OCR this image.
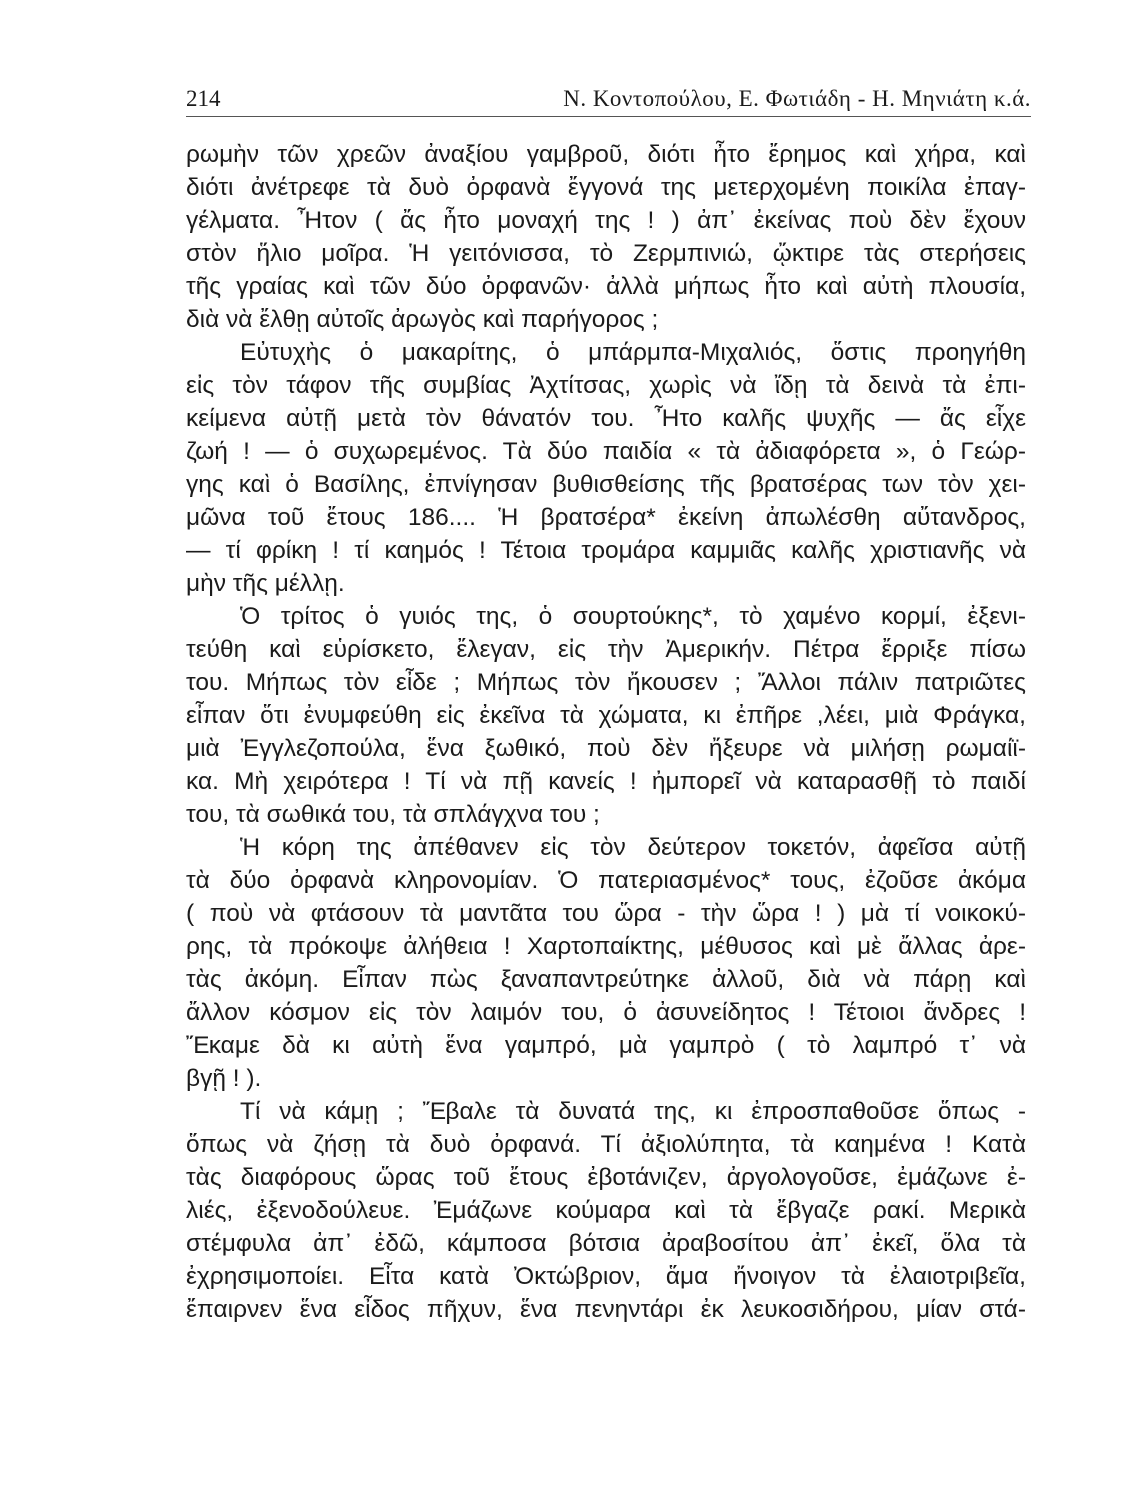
214	Ν. Κοντοπούλου, Ε. Φωτιάδη - Η. Μηνιάτη κ.ά.
ρωμὴν τῶν χρεῶν ἀναξίου γαμβροῦ, διότι ἦτο ἔρημος καὶ χήρα, καὶ
διότι ἀνέτρεφε τὰ δυὸ ὀρφανὰ ἔγγονά της μετερχομένη ποικίλα ἐπαγ-
γέλματα. Ἦτον ( ἄς ἦτο μοναχή της ! ) ἀπ᾽ ἐκείνας ποὺ δὲν ἔχουν
στὸν ἥλιο μοῖρα. Ἡ γειτόνισσα, τὸ Ζερμπινιώ, ᾤκτιρε τὰς στερήσεις
τῆς γραίας καὶ τῶν δύο ὀρφανῶν· ἀλλὰ μήπως ἦτο καὶ αὐτὴ πλουσία,
διὰ νὰ ἔλθῃ αὐτοῖς ἀρωγὸς καὶ παρήγορος ;
Εὐτυχὴς ὁ μακαρίτης, ὁ μπάρμπα-Μιχαλιός, ὅστις προηγήθη
εἰς τὸν τάφον τῆς συμβίας Ἀχτίτσας, χωρὶς νὰ ἴδῃ τὰ δεινὰ τὰ ἐπι-
κείμενα αὐτῇ μετὰ τὸν θάνατόν του. Ἦτο καλῆς ψυχῆς — ἄς εἶχε
ζωή ! — ὁ συχωρεμένος. Τὰ δύο παιδία « τὰ ἀδιαφόρετα », ὁ Γεώρ-
γης καὶ ὁ Βασίλης, ἐπνίγησαν βυθισθείσης τῆς βρατσέρας των τὸν χει-
μῶνα τοῦ ἔτους 186.... Ἡ βρατσέρα* ἐκείνη ἀπωλέσθη αὔτανδρος,
— τί φρίκη ! τί καημός ! Τέτοια τρομάρα καμμιᾶς καλῆς χριστιανῆς νὰ
μὴν τῆς μέλλῃ.
Ὁ τρίτος ὁ γυιός της, ὁ σουρτούκης*, τὸ χαμένο κορμί, ἐξενι-
τεύθη καὶ εὑρίσκετο, ἔλεγαν, εἰς τὴν Ἀμερικήν. Πέτρα ἔρριξε πίσω
του. Μήπως τὸν εἶδε ; Μήπως τὸν ἤκουσεν ; Ἄλλοι πάλιν πατριῶτες
εἶπαν ὅτι ἐνυμφεύθη εἰς ἐκεῖνα τὰ χώματα, κι ἐπῆρε ,λέει, μιὰ Φράγκα,
μιὰ Ἐγγλεζοπούλα, ἕνα ξωθικό, ποὺ δὲν ἤξευρε νὰ μιλήσῃ ρωμαίϊ-
κα. Μὴ χειρότερα ! Τί νὰ πῇ κανείς ! ἠμπορεῖ νὰ καταρασθῇ τὸ παιδί
του, τὰ σωθικά του, τὰ σπλάγχνα του ;
Ἡ κόρη της ἀπέθανεν εἰς τὸν δεύτερον τοκετόν, ἀφεῖσα αὐτῇ
τὰ δύο ὀρφανὰ κληρονομίαν. Ὁ πατεριασμένος* τους, ἐζοῦσε ἀκόμα
( ποὺ νὰ φτάσουν τὰ μαντᾶτα του ὥρα - τὴν ὥρα ! ) μὰ τί νοικοκύ-
ρης, τὰ πρόκοψε ἀλήθεια ! Χαρτοπαίκτης, μέθυσος καὶ μὲ ἄλλας ἀρε-
τὰς ἀκόμη. Εἶπαν πὼς ξαναπαντρεύτηκε ἀλλοῦ, διὰ νὰ πάρῃ καὶ
ἄλλον κόσμον εἰς τὸν λαιμόν του, ὁ ἀσυνείδητος ! Τέτοιοι ἄνδρες !
Ἔκαμε δὰ κι αὐτὴ ἕνα γαμπρό, μὰ γαμπρὸ ( τὸ λαμπρό τ᾽ νὰ
βγῇ ! ).
Τί νὰ κάμῃ ; Ἔβαλε τὰ δυνατά της, κι ἐπροσπαθοῦσε ὅπως -
ὅπως νὰ ζήσῃ τὰ δυὸ ὀρφανά. Τί ἀξιολύπητα, τὰ καημένα ! Κατὰ
τὰς διαφόρους ὥρας τοῦ ἔτους ἐβοτάνιζεν, ἀργολογοῦσε, ἐμάζωνε ἐ-
λιές, ἐξενοδούλευε. Ἐμάζωνε κούμαρα καὶ τὰ ἔβγαζε ρακί. Μερικὰ
στέμφυλα ἀπ᾽ ἐδῶ, κάμποσα βότσια ἀραβοσίτου ἀπ᾽ ἐκεῖ, ὅλα τὰ
ἐχρησιμοποίει. Εἶτα κατὰ Ὀκτώβριον, ἅμα ἤνοιγον τὰ ἐλαιοτριβεῖα,
ἔπαιρνεν ἕνα εἶδος πῆχυν, ἕνα πενηντάρι ἐκ λευκοσιδήρου, μίαν στά-
